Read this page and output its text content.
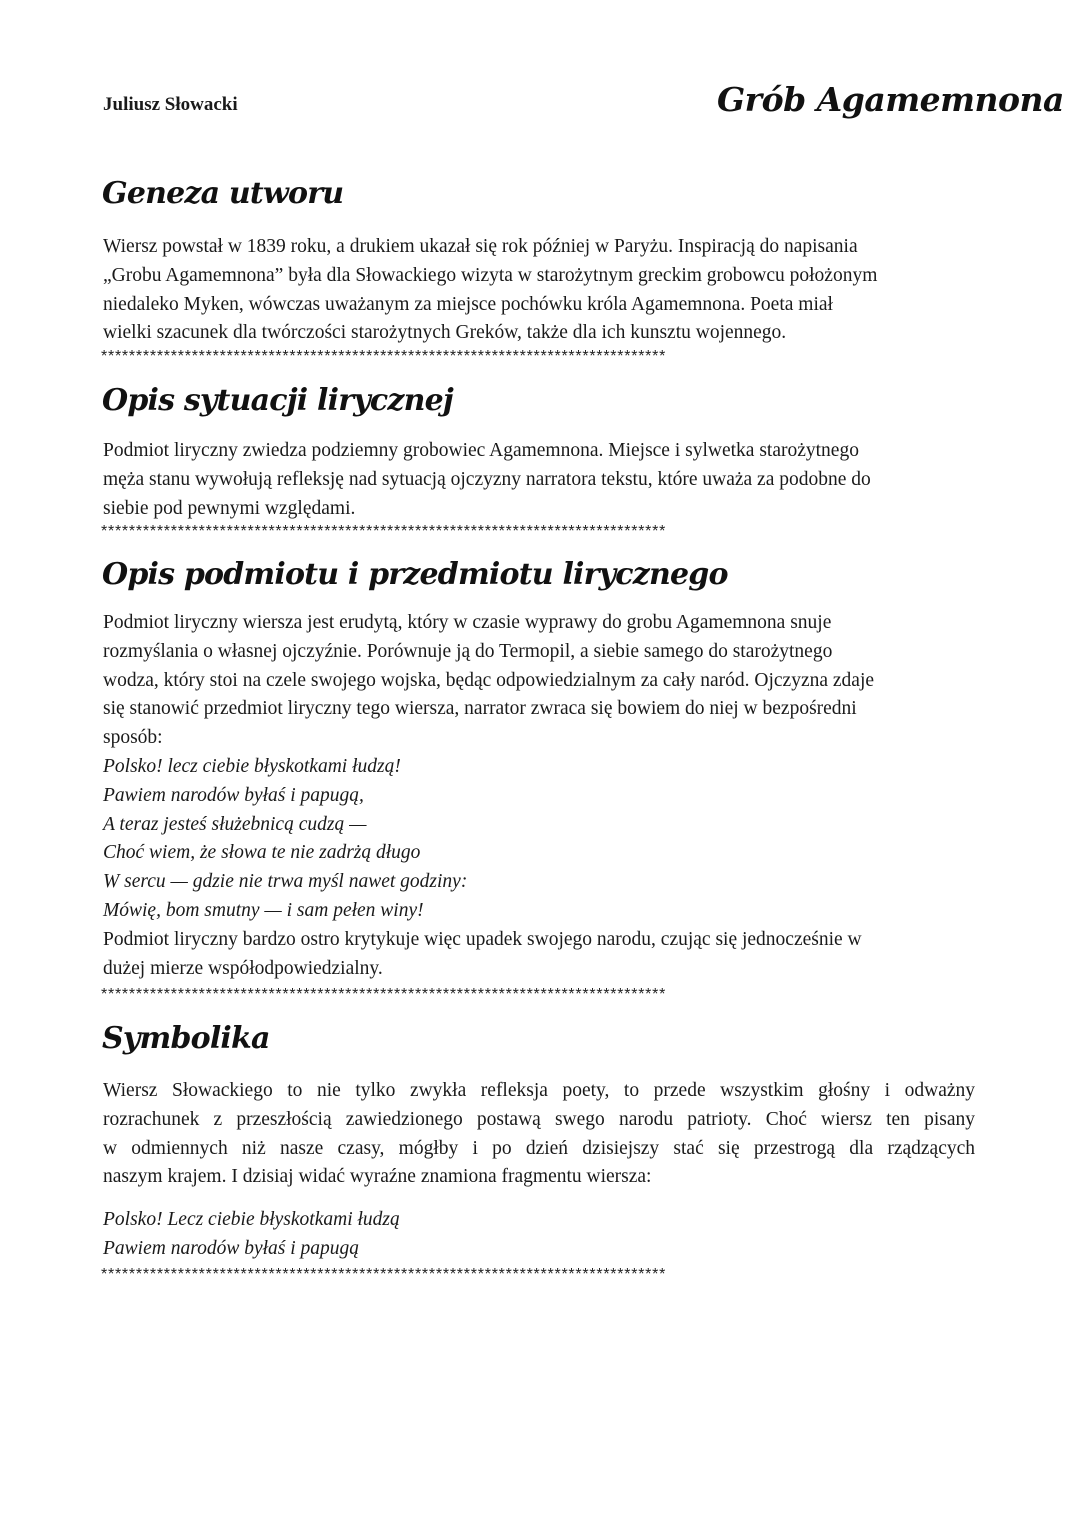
Juliusz Słowacki	Grób Agamemnona
Geneza utworu
Wiersz powstał w 1839 roku, a drukiem ukazał się rok później w Paryżu. Inspiracją do napisania
„Grobu Agamemnona” była dla Słowackiego wizyta w starożytnym greckim grobowcu położonym
niedaleko Myken, wówczas uważanym za miejsce pochówku króla Agamemnona. Poeta miał
wielki szacunek dla twórczości starożytnych Greków, także dla ich kunsztu wojennego.
*********************************************************************************
Opis sytuacji lirycznej
Podmiot liryczny zwiedza podziemny grobowiec Agamemnona. Miejsce i sylwetka starożytnego
męża stanu wywołują refleksję nad sytuacją ojczyzny narratora tekstu, które uważa za podobne do
siebie pod pewnymi względami.
*********************************************************************************
Opis podmiotu i przedmiotu lirycznego
Podmiot liryczny wiersza jest erudytą, który w czasie wyprawy do grobu Agamemnona snuje
rozmyślania o własnej ojczyźnie. Porównuje ją do Termopil, a siebie samego do starożytnego
wodza, który stoi na czele swojego wojska, będąc odpowiedzialnym za cały naród. Ojczyzna zdaje
się stanowić przedmiot liryczny tego wiersza, narrator zwraca się bowiem do niej w bezpośredni
sposób:
Polsko! lecz ciebie błyskotkami łudzą!
Pawiem narodów byłaś i papugą,
A teraz jesteś służebnicą cudzą —
Choć wiem, że słowa te nie zadrżą długo
W sercu — gdzie nie trwa myśl nawet godziny:
Mówię, bom smutny — i sam pełen winy!
Podmiot liryczny bardzo ostro krytykuje więc upadek swojego narodu, czując się jednocześnie w
dużej mierze współodpowiedzialny.
*********************************************************************************
Symbolika
Wiersz Słowackiego to nie tylko zwykła refleksja poety, to przede wszystkim głośny i odważny
rozrachunek z przeszłością zawiedzionego postawą swego narodu patrioty. Choć wiersz ten pisany
w odmiennych niż nasze czasy, mógłby i po dzień dzisiejszy stać się przestrogą dla rządzących
naszym krajem. I dzisiaj widać wyraźne znamiona fragmentu wiersza:
Polsko! Lecz ciebie błyskotkami łudzą
Pawiem narodów byłaś i papugą
*********************************************************************************
